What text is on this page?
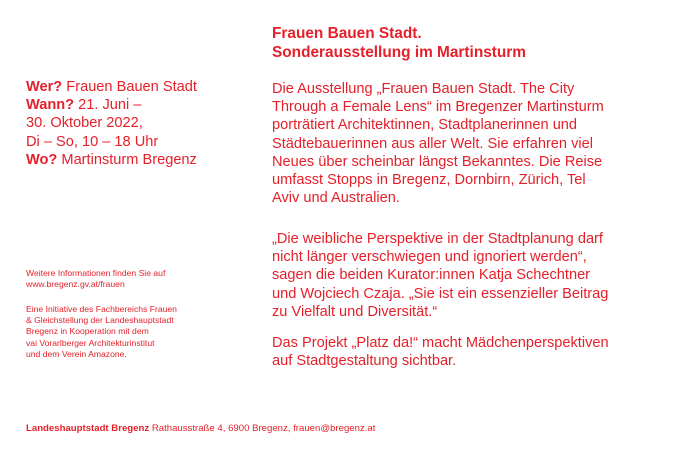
Wer? Frauen Bauen Stadt
Wann? 21. Juni –
30. Oktober 2022,
Di – So, 10 – 18 Uhr
Wo? Martinsturm Bregenz
Weitere Informationen finden Sie auf
www.bregenz.gv.at/frauen
Eine Initiative des Fachbereichs Frauen
& Gleichstellung der Landeshauptstadt
Bregenz in Kooperation mit dem
vai Vorarlberger Architekturinstitut
und dem Verein Amazone.
Frauen Bauen Stadt.
Sonderausstellung im Martinsturm
Die Ausstellung „Frauen Bauen Stadt. The City
Through a Female Lens“ im Bregenzer Martinsturm
porträtiert Architektinnen, Stadtplanerinnen und
Städtebauerinnen aus aller Welt. Sie erfahren viel
Neues über scheinbar längst Bekanntes. Die Reise
umfasst Stopps in Bregenz, Dornbirn, Zürich, Tel
Aviv und Australien.
„Die weibliche Perspektive in der Stadtplanung darf
nicht länger verschwiegen und ignoriert werden“,
sagen die beiden Kurator:innen Katja Schechtner
und Wojciech Czaja. „Sie ist ein essenzieller Beitrag
zu Vielfalt und Diversität.“
Das Projekt „Platz da!“ macht Mädchenperspektiven
auf Stadtgestaltung sichtbar.
Landeshauptstadt Bregenz Rathausstraße 4, 6900 Bregenz, frauen@bregenz.at
